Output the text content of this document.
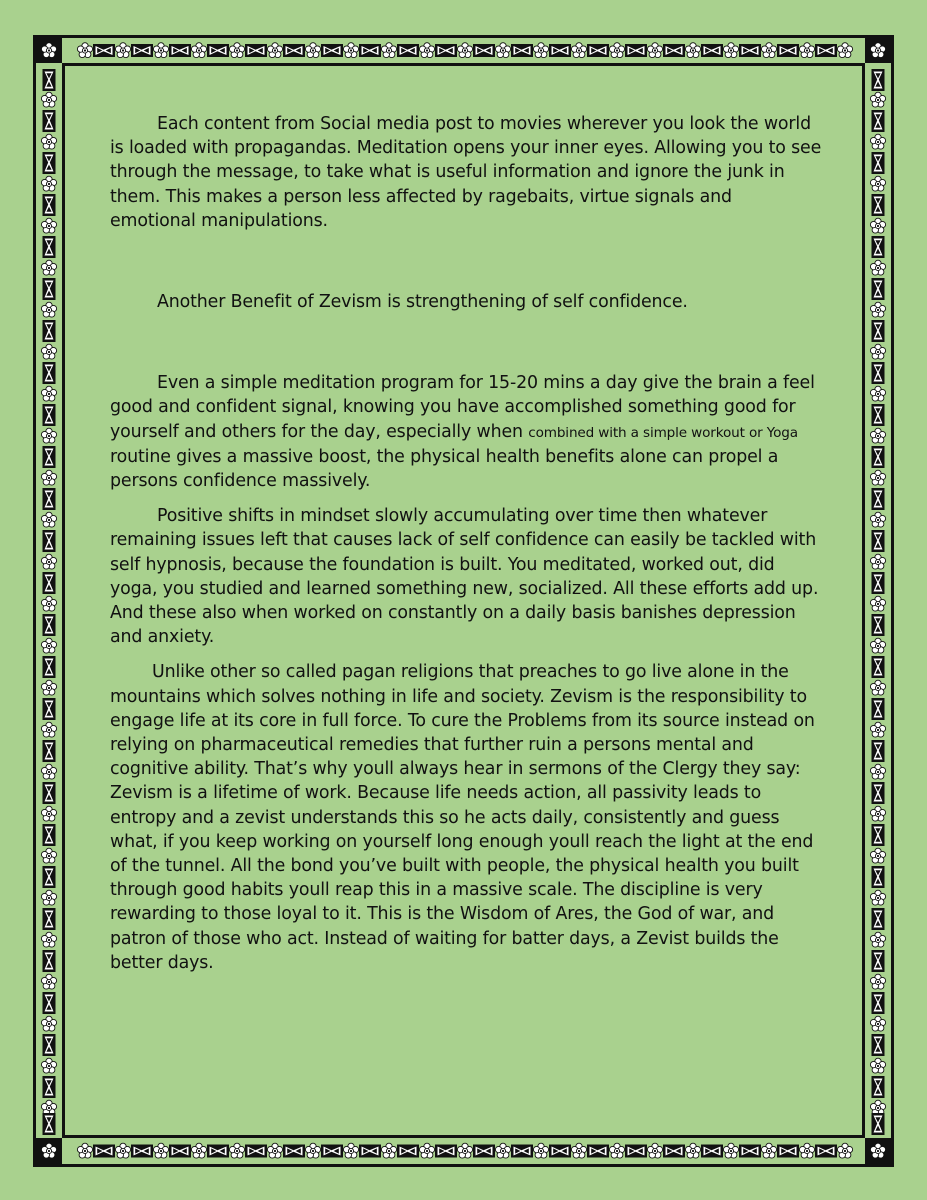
Each content from Social media post to movies wherever you look the world is loaded with propagandas. Meditation opens your inner eyes. Allowing you to see through the message, to take what is useful information and ignore the junk in them. This makes a person less affected by ragebaits, virtue signals and emotional manipulations.

Another Benefit of Zevism is strengthening of self confidence.

Even a simple meditation program for 15-20 mins a day give the brain a feel good and confident signal, knowing you have accomplished something good for yourself and others for the day, especially when combined with a simple workout or Yoga routine gives a massive boost, the physical health benefits alone can propel a persons confidence massively.

Positive shifts in mindset slowly accumulating over time then whatever remaining issues left that causes lack of self confidence can easily be tackled with self hypnosis, because the foundation is built. You meditated, worked out, did yoga, you studied and learned something new, socialized. All these efforts add up. And these also when worked on constantly on a daily basis banishes depression and anxiety.

Unlike other so called pagan religions that preaches to go live alone in the mountains which solves nothing in life and society. Zevism is the responsibility to engage life at its core in full force. To cure the Problems from its source instead on relying on pharmaceutical remedies that further ruin a persons mental and cognitive ability. That’s why youll always hear in sermons of the Clergy they say: Zevism is a lifetime of work. Because life needs action, all passivity leads to entropy and a zevist understands this so he acts daily, consistently and guess what, if you keep working on yourself long enough youll reach the light at the end of the tunnel. All the bond you’ve built with people, the physical health you built through good habits youll reap this in a massive scale. The discipline is very rewarding to those loyal to it. This is the Wisdom of Ares, the God of war, and patron of those who act. Instead of waiting for batter days, a Zevist builds the better days.
